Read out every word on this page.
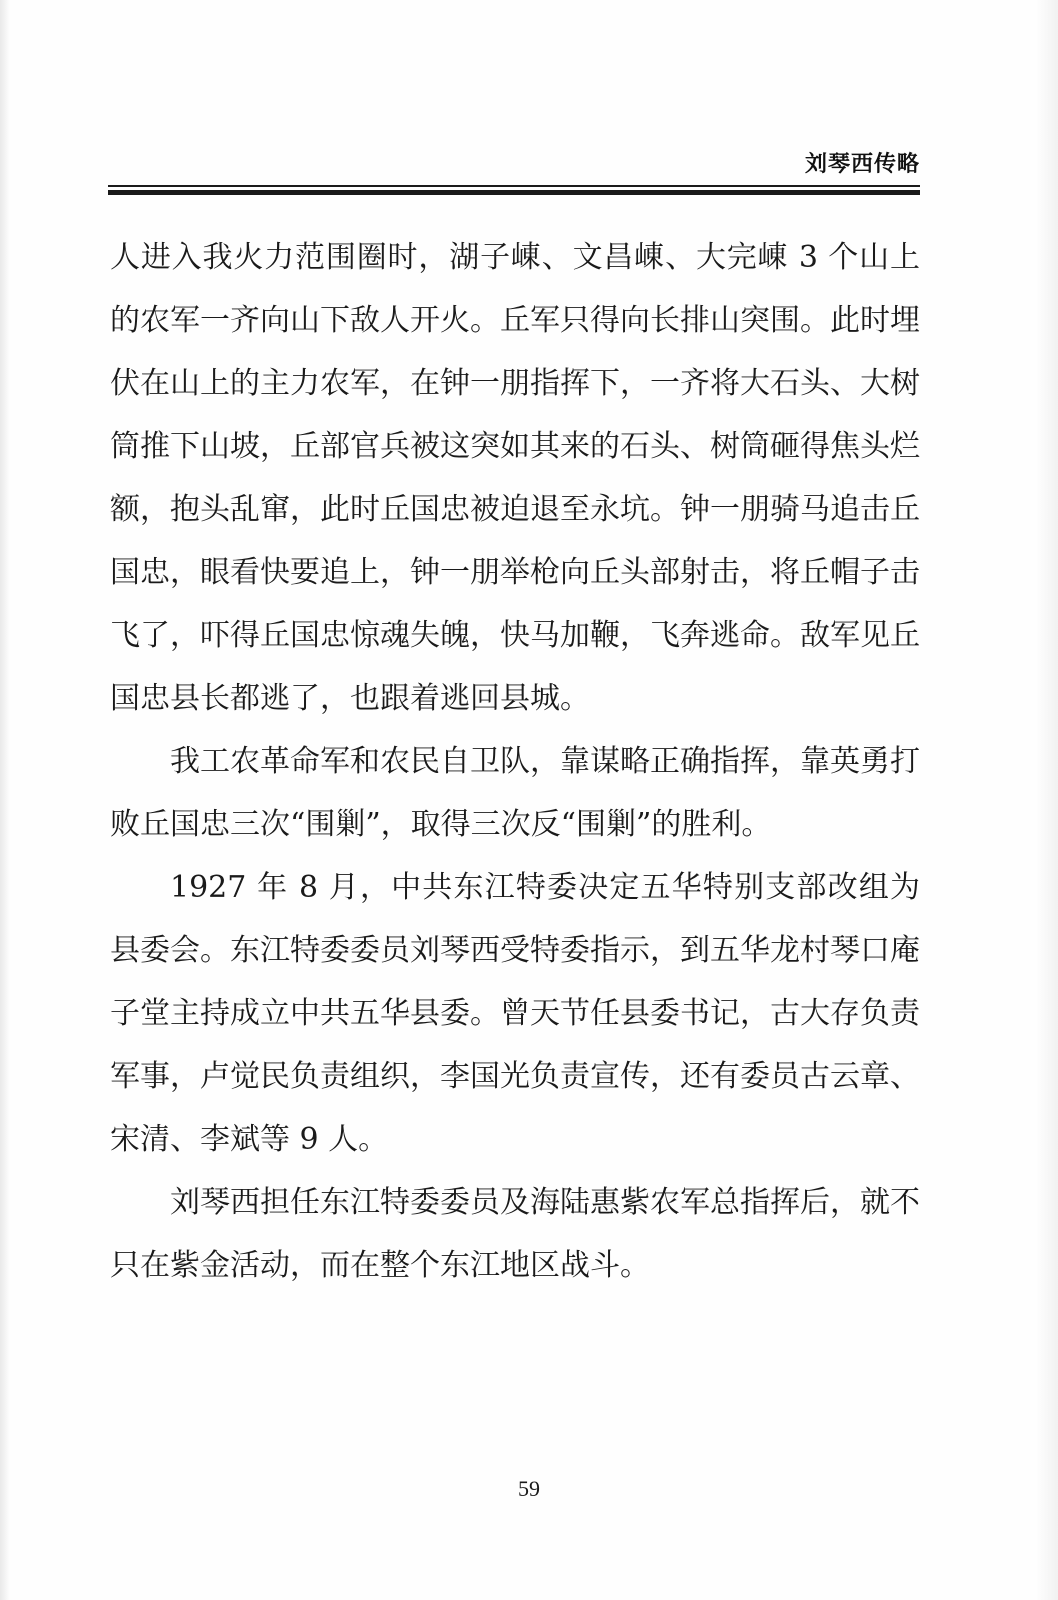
刘琴西传略

人进入我火力范围圈时，湖子崠、文昌崠、大完崠 3 个山上的农军一齐向山下敌人开火。丘军只得向长排山突围。此时埋伏在山上的主力农军，在钟一朋指挥下，一齐将大石头、大树筒推下山坡，丘部官兵被这突如其来的石头、树筒砸得焦头烂额，抱头乱窜，此时丘国忠被迫退至永坑。钟一朋骑马追击丘国忠，眼看快要追上，钟一朋举枪向丘头部射击，将丘帽子击飞了，吓得丘国忠惊魂失魄，快马加鞭，飞奔逃命。敌军见丘国忠县长都逃了，也跟着逃回县城。

我工农革命军和农民自卫队，靠谋略正确指挥，靠英勇打败丘国忠三次“围剿”，取得三次反“围剿”的胜利。

1927 年 8 月，中共东江特委决定五华特别支部改组为县委会。东江特委委员刘琴西受特委指示，到五华龙村琴口庵子堂主持成立中共五华县委。曾天节任县委书记，古大存负责军事，卢觉民负责组织，李国光负责宣传，还有委员古云章、宋清、李斌等 9 人。

刘琴西担任东江特委委员及海陆惠紫农军总指挥后，就不只在紫金活动，而在整个东江地区战斗。

59
